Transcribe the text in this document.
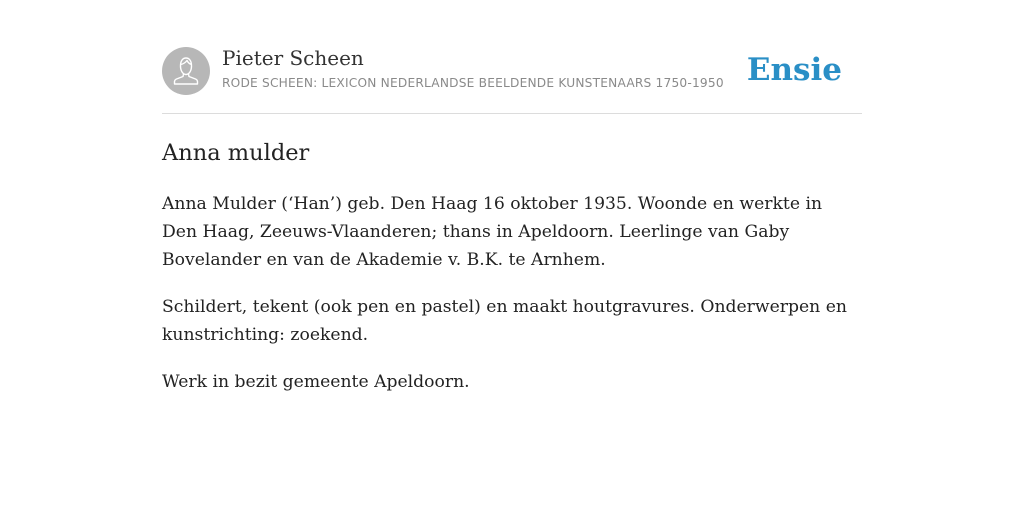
Pieter Scheen
RODE SCHEEN: LEXICON NEDERLANDSE BEELDENDE KUNSTENAARS 1750-1950 Ensie
Anna mulder

Anna Mulder (‘Han’) geb. Den Haag 16 oktober 1935. Woonde en werkte in Den Haag, Zeeuws-Vlaanderen; thans in Apeldoorn. Leerlinge van Gaby Bovelander en van de Akademie v. B.K. te Arnhem.

Schildert, tekent (ook pen en pastel) en maakt houtgravures. Onderwerpen en kunstrichting: zoekend.

Werk in bezit gemeente Apeldoorn.
